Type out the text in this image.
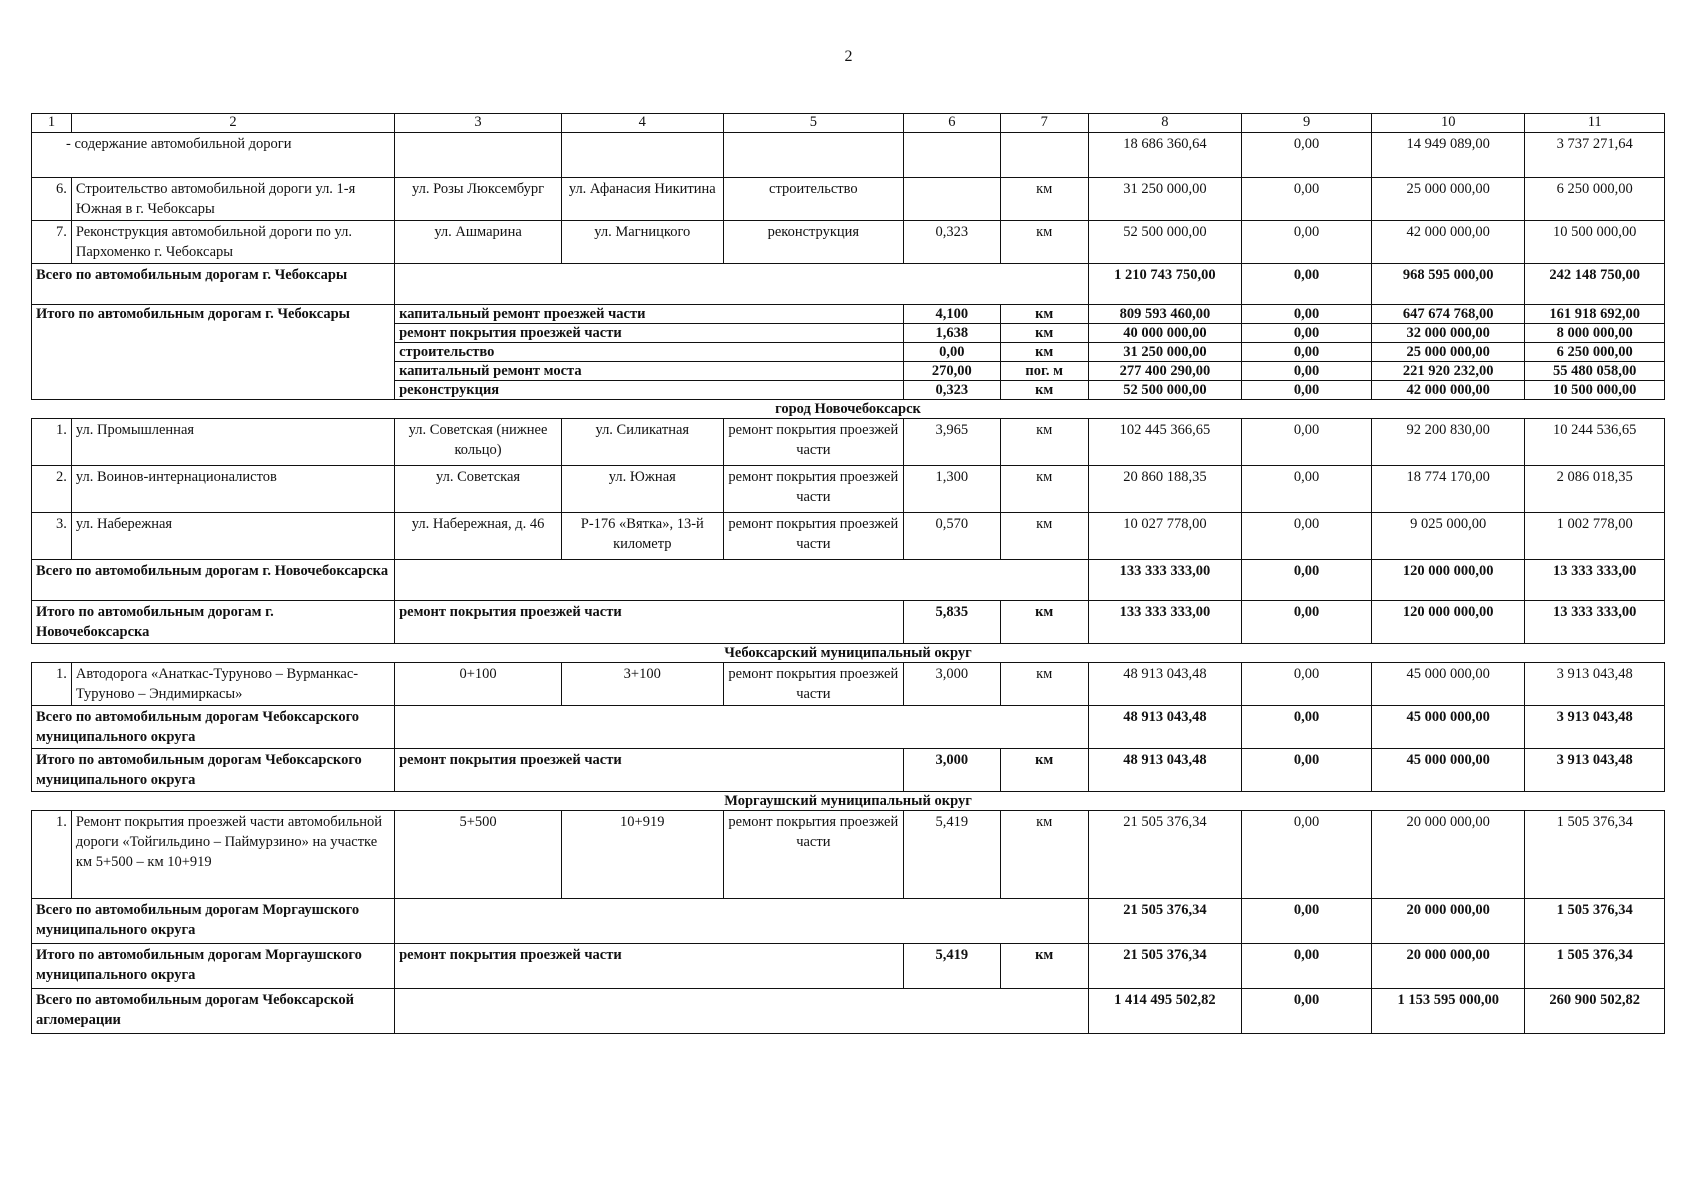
2
1	2	3	4	5	6	7	8	9	10	11
- содержание автомобильной дороги							18 686 360,64	0,00	14 949 089,00	3 737 271,64
6.	Строительство автомобильной дороги ул. 1-я Южная в г. Чебоксары	ул. Розы Люксембург	ул. Афанасия Никитина	строительство		км	31 250 000,00	0,00	25 000 000,00	6 250 000,00
7.	Реконструкция автомобильной дороги по ул. Пархоменко г. Чебоксары	ул. Ашмарина	ул. Магницкого	реконструкция	0,323	км	52 500 000,00	0,00	42 000 000,00	10 500 000,00
Всего по автомобильным дорогам г. Чебоксары							1 210 743 750,00	0,00	968 595 000,00	242 148 750,00
Итого по автомобильным дорогам г. Чебоксары		капитальный ремонт проезжей части			4,100	км	809 593 460,00	0,00	647 674 768,00	161 918 692,00
		ремонт покрытия проезжей части			1,638	км	40 000 000,00	0,00	32 000 000,00	8 000 000,00
		строительство			0,00	км	31 250 000,00	0,00	25 000 000,00	6 250 000,00
		капитальный ремонт моста			270,00	пог. м	277 400 290,00	0,00	221 920 232,00	55 480 058,00
		реконструкция			0,323	км	52 500 000,00	0,00	42 000 000,00	10 500 000,00
город Новочебоксарск										
1.	ул. Промышленная	ул. Советская (нижнее кольцо)	ул. Силикатная	ремонт покрытия проезжей части	3,965	км	102 445 366,65	0,00	92 200 830,00	10 244 536,65
2.	ул. Воинов-интернационалистов	ул. Советская	ул. Южная	ремонт покрытия проезжей части	1,300	км	20 860 188,35	0,00	18 774 170,00	2 086 018,35
3.	ул. Набережная	ул. Набережная, д. 46	Р-176 «Вятка», 13-й километр	ремонт покрытия проезжей части	0,570	км	10 027 778,00	0,00	9 025 000,00	1 002 778,00
Всего по автомобильным дорогам г. Новочебоксарска							133 333 333,00	0,00	120 000 000,00	13 333 333,00
Итого по автомобильным дорогам г. Новочебоксарска		ремонт покрытия проезжей части			5,835	км	133 333 333,00	0,00	120 000 000,00	13 333 333,00
Чебоксарский муниципальный округ										
1.	Автодорога «Анаткас-Туруново – Вурманкас-Туруново – Эндимиркасы»	0+100	3+100	ремонт покрытия проезжей части	3,000	км	48 913 043,48	0,00	45 000 000,00	3 913 043,48
Всего по автомобильным дорогам Чебоксарского муниципального округа							48 913 043,48	0,00	45 000 000,00	3 913 043,48
Итого по автомобильным дорогам Чебоксарского муниципального округа		ремонт покрытия проезжей части			3,000	км	48 913 043,48	0,00	45 000 000,00	3 913 043,48
Моргаушский муниципальный округ										
1.	Ремонт покрытия проезжей части автомобильной дороги «Тойгильдино – Паймурзино» на участке км 5+500 – км 10+919	5+500	10+919	ремонт покрытия проезжей части	5,419	км	21 505 376,34	0,00	20 000 000,00	1 505 376,34
Всего по автомобильным дорогам Моргаушского муниципального округа							21 505 376,34	0,00	20 000 000,00	1 505 376,34
Итого по автомобильным дорогам Моргаушского муниципального округа		ремонт покрытия проезжей части			5,419	км	21 505 376,34	0,00	20 000 000,00	1 505 376,34
Всего по автомобильным дорогам Чебоксарской агломерации							1 414 495 502,82	0,00	1 153 595 000,00	260 900 502,82
